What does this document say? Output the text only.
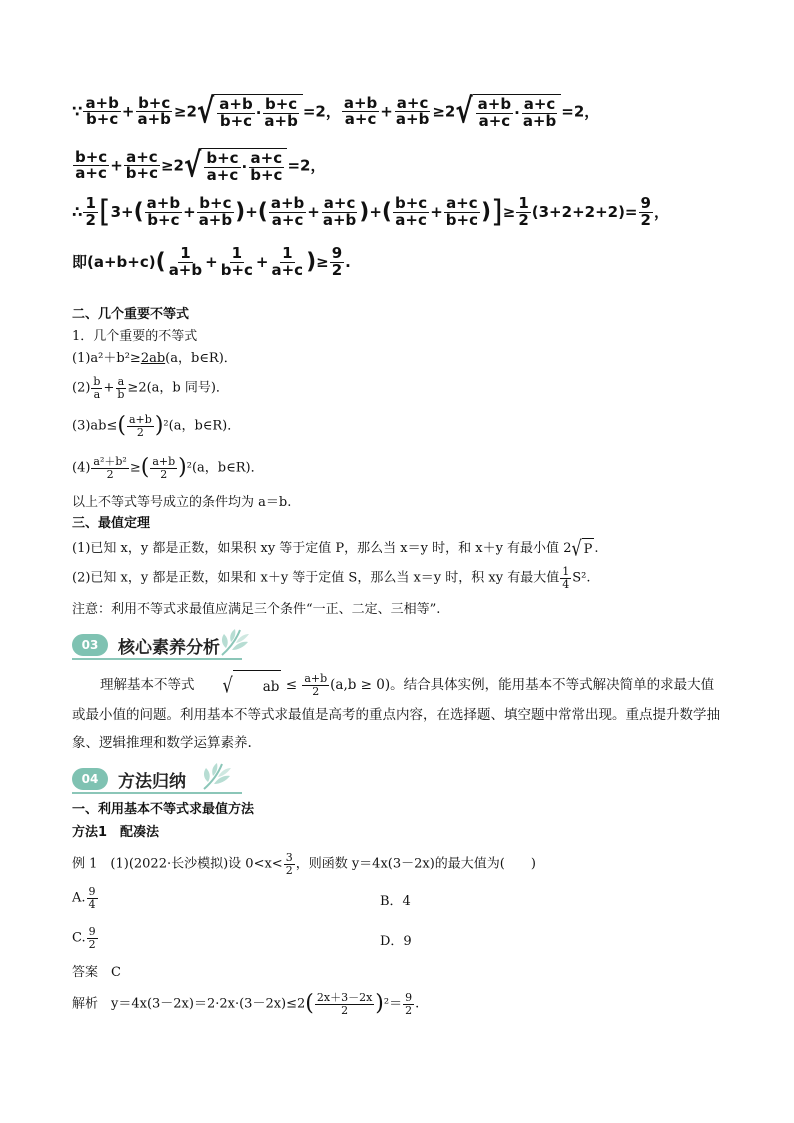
∵ $\frac{a+b}{b+c} + \frac{b+c}{a+b} \ge 2$ √ $\frac{a+b}{b+c} \cdot \frac{b+c}{a+b} =2$， $\frac{a+b}{a+c} + \frac{a+c}{a+b} \ge 2$ √ $\frac{a+b}{a+c} \cdot \frac{a+c}{a+b} =2$，
$\frac{b+c}{a+c} + \frac{a+c}{b+c} \ge 2$ √ $\frac{b+c}{a+c} \cdot \frac{a+c}{b+c} =2$，
∴ $\frac{1}{2} [3+( \frac{a+b}{b+c} + \frac{b+c}{a+b}$ )+( $\frac{a+b}{a+c} + \frac{a+c}{a+b}$ )+( $\frac{b+c}{a+c} + \frac{a+c}{b+c}$ )]≥ $\frac{1}{2} (3+2+2+2)= \frac{9}{2}$ ，
即$(a+b+c)( \frac{1}{a+b} + \frac{1}{b+c} + \frac{1}{a+c}$ )≥ $\frac{9}{2}$ .
二、几个重要不等式
1．几个重要的不等式
(1)a²＋b²≥2ab(a，b∈R)．
$(2) \frac{b}{a} + \frac{a}{b} \ge 2(a$，b 同号)．
$(3)ab\le( \frac{a+b}{2} )^2(a$，b∈R)．
$(4) \frac{\text{a²＋b²}}{2}$ ≥( $\frac{a+b}{2} )^2(a$，b∈R)．
以上不等式等号成立的条件均为 a＝b.
三、最值定理
(1)已知 x，y 都是正数，如果积 xy 等于定值 P，那么当 x＝y 时，和 x＋y 有最小值 2 √ P .
(2)已知 x，y 都是正数，如果和 x＋y 等于定值 S，那么当 x＝y 时，积 xy 有最大值 $\frac{1}{4} S^2$.
注意：利用不等式求最值应满足三个条件“一正、二定、三相等”.
03	核心素养分析
理解基本不等式	√	ab ≤ $\frac{a+b}{2} (a,b \ge 0)$。结合具体实例，能用基本不等式解决简单的求最大值或最小值的问题。利用基本不等式求最值是高考的重点内容，在选择题、填空题中常常出现。重点提升数学抽象、逻辑推理和数学运算素养.
04	方法归纳
一、利用基本不等式求最值方法
方法1　配凑法
例 1　(1)(2022·长沙模拟)设 $0<x< \frac{3}{2}$ ，则函数 y＝4x(3－2x)的最大值为(　　)
A. $\frac{9}{4}$	B．4
C. $\frac{9}{2}$	D．9
答案　C
解析　$y=4x(3-2x)=2\cdot 2x\cdot(3-2x)\le 2( \frac{2x+3-2x}{2} )^2= \frac{9}{2}$ .
